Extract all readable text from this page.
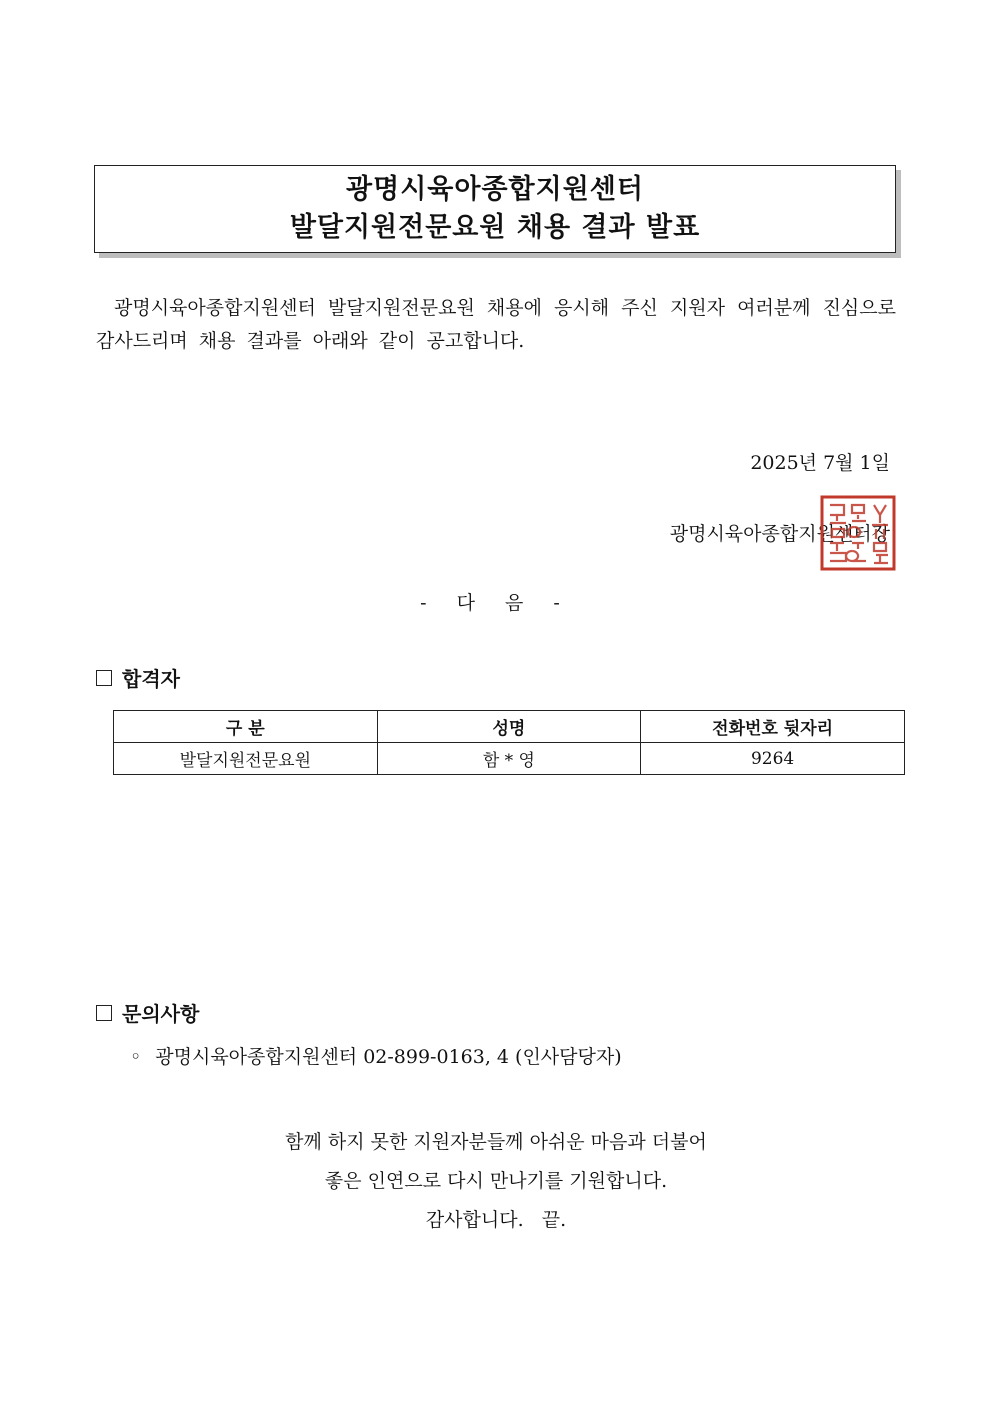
광명시육아종합지원센터
발달지원전문요원 채용 결과 발표
광명시육아종합지원센터 발달지원전문요원 채용에 응시해 주신 지원자 여러분께 진심으로 감사드리며 채용 결과를 아래와 같이 공고합니다.
2025년 7월 1일
광명시육아종합지원센터장
- 다 음 -
합격자
구 분	성명	전화번호 뒷자리
발달지원전문요원	함 * 영	9264
문의사항
◦ 광명시육아종합지원센터 02-899-0163, 4 (인사담당자)
함께 하지 못한 지원자분들께 아쉬운 마음과 더불어
좋은 인연으로 다시 만나기를 기원합니다.
감사합니다.   끝.
